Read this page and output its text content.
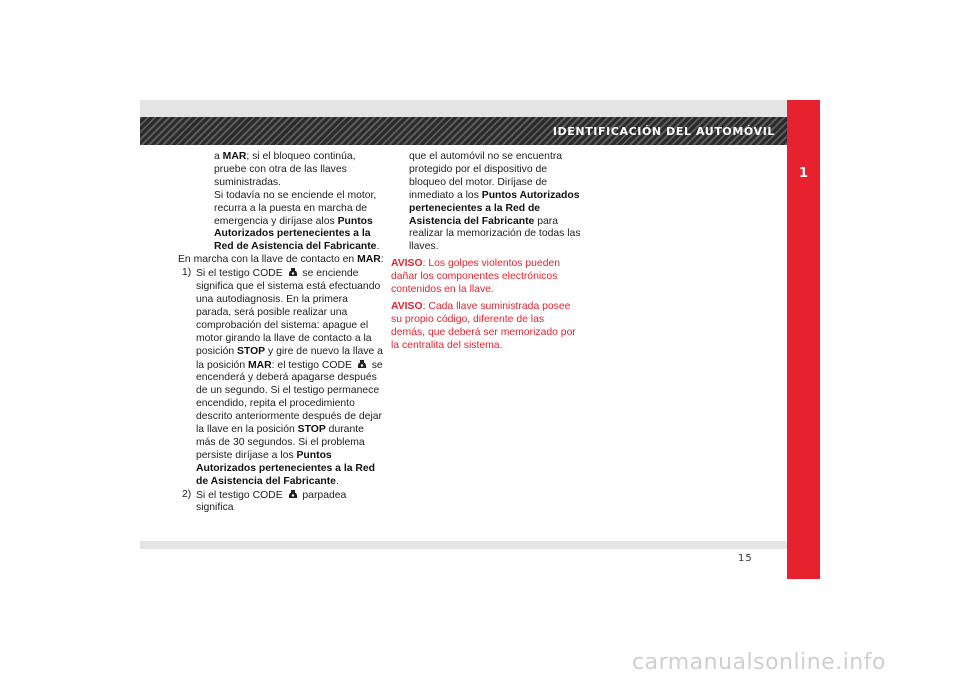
IDENTIFICACIÓN DEL AUTOMÓVIL
1

a MAR; si el bloqueo continúa, pruebe con otra de las llaves suministradas.

Si todavía no se enciende el motor, recurra a la puesta en marcha de emergencia y diríjase alos Puntos Autorizados pertenecientes a la Red de Asistencia del Fabricante.

En marcha con la llave de contacto en MAR:

1) Si el testigo CODE se enciende significa que el sistema está efectuando una autodiagnosis. En la primera parada, será posible realizar una comprobación del sistema: apague el motor girando la llave de contacto a la posición STOP y gire de nuevo la llave a la posición MAR: el testigo CODE se encenderá y deberá apagarse después de un segundo. Si el testigo permanece encendido, repita el procedimiento descrito anteriormente después de dejar la llave en la posición STOP durante más de 30 segundos. Si el problema persiste diríjase a los Puntos Autorizados pertenecientes a la Red de Asistencia del Fabricante.

2) Si el testigo CODE parpadea significa

que el automóvil no se encuentra protegido por el dispositivo de bloqueo del motor. Diríjase de inmediato a los Puntos Autorizados pertenecientes a la Red de Asistencia del Fabricante para realizar la memorización de todas las llaves.

AVISO: Los golpes violentos pueden dañar los componentes electrónicos contenidos en la llave.

AVISO: Cada llave suministrada posee su propio código, diferente de las demás, que deberá ser memorizado por la centralita del sistema.

15
carmanualsonline.info
